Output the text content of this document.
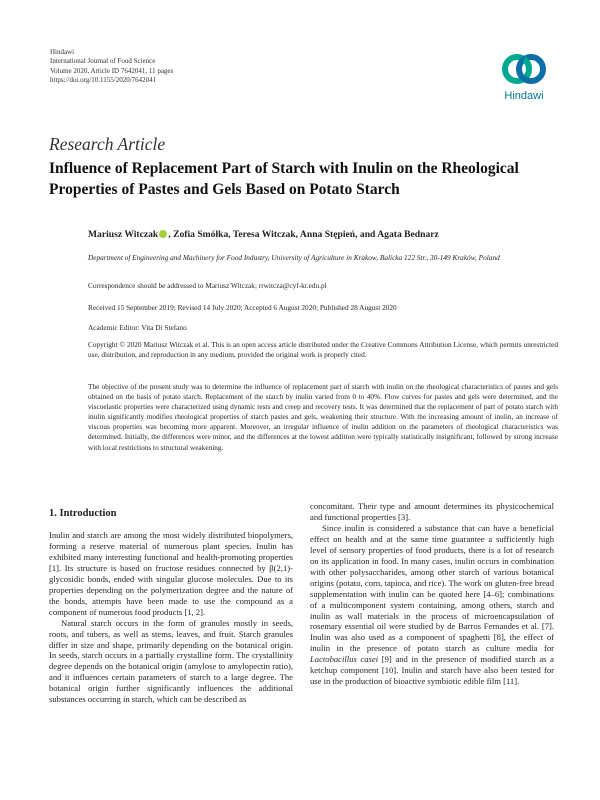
Hindawi
International Journal of Food Science
Volume 2020, Article ID 7642041, 11 pages
https://doi.org/10.1155/2020/7642041
Hindawi
Research Article
Influence of Replacement Part of Starch with Inulin on the Rheological Properties of Pastes and Gels Based on Potato Starch
Mariusz Witczak , Zofia Smółka, Teresa Witczak, Anna Stępień, and Agata Bednarz
Department of Engineering and Machinery for Food Industry, University of Agriculture in Krakow, Balicka 122 Str., 30-149 Kraków, Poland
Correspondence should be addressed to Mariusz Witczak; rrwitcza@cyf-kr.edu.pl
Received 15 September 2019; Revised 14 July 2020; Accepted 6 August 2020; Published 28 August 2020
Academic Editor: Vita Di Stefano
Copyright © 2020 Mariusz Witczak et al. This is an open access article distributed under the Creative Commons Attribution License, which permits unrestricted use, distribution, and reproduction in any medium, provided the original work is properly cited.
The objective of the present study was to determine the influence of replacement part of starch with inulin on the rheological characteristics of pastes and gels obtained on the basis of potato starch. Replacement of the starch by inulin varied from 0 to 40%. Flow curves for pastes and gels were determined, and the viscoelastic properties were characterized using dynamic tests and creep and recovery tests. It was determined that the replacement of part of potato starch with inulin significantly modifies rheological properties of starch pastes and gels, weakening their structure. With the increasing amount of inulin, an increase of viscous properties was becoming more apparent. Moreover, an irregular influence of inulin addition on the parameters of rheological characteristics was determined. Initially, the differences were minor, and the differences at the lowest addition were typically statistically insignificant, followed by strong increase with local restrictions to structural weakening.
1. Introduction

Inulin and starch are among the most widely distributed biopolymers, forming a reserve material of numerous plant species. Inulin has exhibited many interesting functional and health-promoting properties [1]. Its structure is based on fructose residues connected by β(2,1)-glycosidic bonds, ended with singular glucose molecules. Due to its properties depending on the polymerization degree and the nature of the bonds, attempts have been made to use the compound as a component of numerous food products [1, 2].

Natural starch occurs in the form of granules mostly in seeds, roots, and tubers, as well as stems, leaves, and fruit. Starch granules differ in size and shape, primarily depending on the botanical origin. In seeds, starch occurs in a partially crystalline form. The crystallinity degree depends on the botanical origin (amylose to amylopectin ratio), and it influences certain parameters of starch to a large degree. The botanical origin further significantly influences the additional substances occurring in starch, which can be described as

concomitant. Their type and amount determines its physicochemical and functional properties [3].

Since inulin is considered a substance that can have a beneficial effect on health and at the same time guarantee a sufficiently high level of sensory properties of food products, there is a lot of research on its application in food. In many cases, inulin occurs in combination with other polysaccharides, among other starch of various botanical origins (potato, corn, tapioca, and rice). The work on gluten-free bread supplementation with inulin can be quoted here [4–6]; combinations of a multicomponent system containing, among others, starch and inulin as wall materials in the process of microencapsulation of rosemary essential oil were studied by de Barros Fernandes et al. [7]. Inulin was also used as a component of spaghetti [8], the effect of inulin in the presence of potato starch as culture media for Lactobacillus casei [9] and in the presence of modified starch as a ketchup component [10]. Inulin and starch have also been tested for use in the production of bioactive symbiotic edible film [11].
